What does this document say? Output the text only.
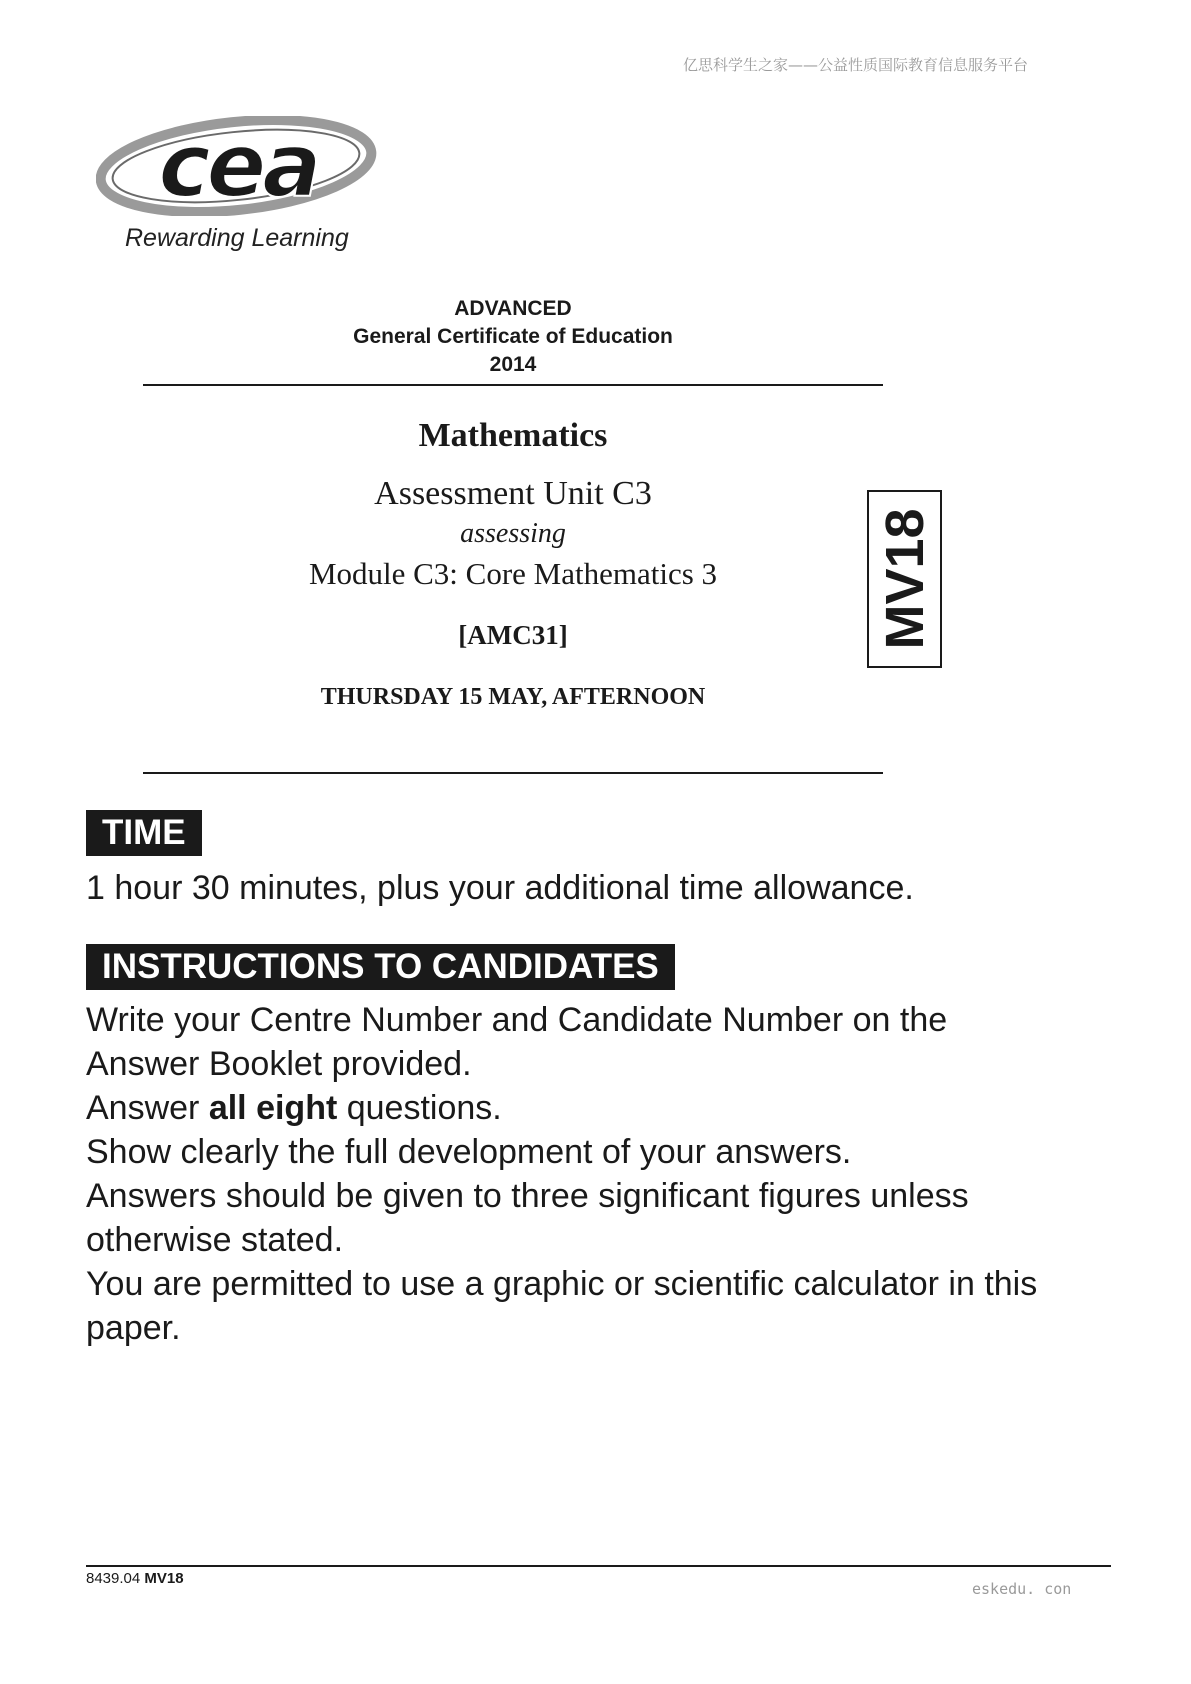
亿思科学生之家——公益性质国际教育信息服务平台
cea
Rewarding Learning
ADVANCED
General Certificate of Education
2014
Mathematics
Assessment Unit C3
assessing
Module C3: Core Mathematics 3
[AMC31]
THURSDAY 15 MAY, AFTERNOON
MV18
TIME
1 hour 30 minutes, plus your additional time allowance.
INSTRUCTIONS TO CANDIDATES
Write your Centre Number and Candidate Number on the
Answer Booklet provided.
Answer all eight questions.
Show clearly the full development of your answers.
Answers should be given to three significant figures unless
otherwise stated.
You are permitted to use a graphic or scientific calculator in this
paper.
8439.04 MV18
eskedu. con
